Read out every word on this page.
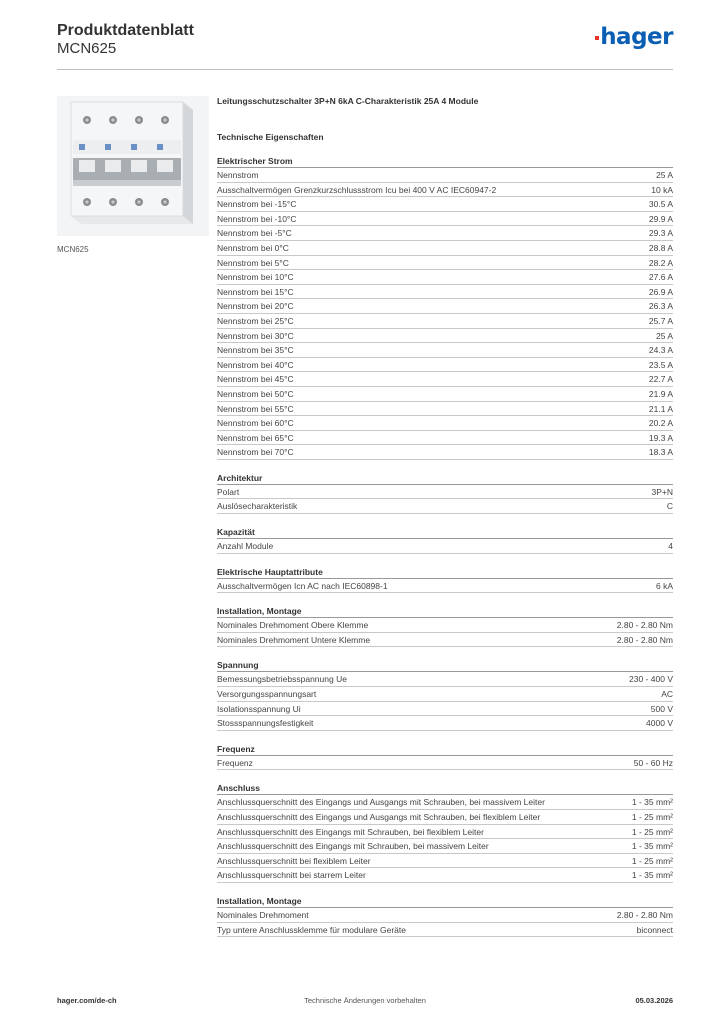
Produktdatenblatt
MCN625	hager
MCN625
Leitungsschutzschalter 3P+N 6kA C-Charakteristik 25A 4 Module
Technische Eigenschaften
Elektrischer Strom
Nennstrom	25 A
Ausschaltvermögen Grenzkurzschlussstrom Icu bei 400 V AC IEC60947-2	10 kA
Nennstrom bei -15°C	30.5 A
Nennstrom bei -10°C	29.9 A
Nennstrom bei -5°C	29.3 A
Nennstrom bei 0°C	28.8 A
Nennstrom bei 5°C	28.2 A
Nennstrom bei 10°C	27.6 A
Nennstrom bei 15°C	26.9 A
Nennstrom bei 20°C	26.3 A
Nennstrom bei 25°C	25.7 A
Nennstrom bei 30°C	25 A
Nennstrom bei 35°C	24.3 A
Nennstrom bei 40°C	23.5 A
Nennstrom bei 45°C	22.7 A
Nennstrom bei 50°C	21.9 A
Nennstrom bei 55°C	21.1 A
Nennstrom bei 60°C	20.2 A
Nennstrom bei 65°C	19.3 A
Nennstrom bei 70°C	18.3 A
Architektur
Polart	3P+N
Auslösecharakteristik	C
Kapazität
Anzahl Module	4
Elektrische Hauptattribute
Ausschaltvermögen Icn AC nach IEC60898-1	6 kA
Installation, Montage
Nominales Drehmoment Obere Klemme	2.80 - 2.80 Nm
Nominales Drehmoment Untere Klemme	2.80 - 2.80 Nm
Spannung
Bemessungsbetriebsspannung Ue	230 - 400 V
Versorgungsspannungsart	AC
Isolationsspannung Ui	500 V
Stossspannungsfestigkeit	4000 V
Frequenz
Frequenz	50 - 60 Hz
Anschluss
Anschlussquerschnitt des Eingangs und Ausgangs mit Schrauben, bei massivem Leiter	1 - 35 mm²
Anschlussquerschnitt des Eingangs und Ausgangs mit Schrauben, bei flexiblem Leiter	1 - 25 mm²
Anschlussquerschnitt des Eingangs mit Schrauben, bei flexiblem Leiter	1 - 25 mm²
Anschlussquerschnitt des Eingangs mit Schrauben, bei massivem Leiter	1 - 35 mm²
Anschlussquerschnitt bei flexiblem Leiter	1 - 25 mm²
Anschlussquerschnitt bei starrem Leiter	1 - 35 mm²
Installation, Montage
Nominales Drehmoment	2.80 - 2.80 Nm
Typ untere Anschlussklemme für modulare Geräte	biconnect
hager.com/de-ch	Technische Änderungen vorbehalten	05.03.2026
